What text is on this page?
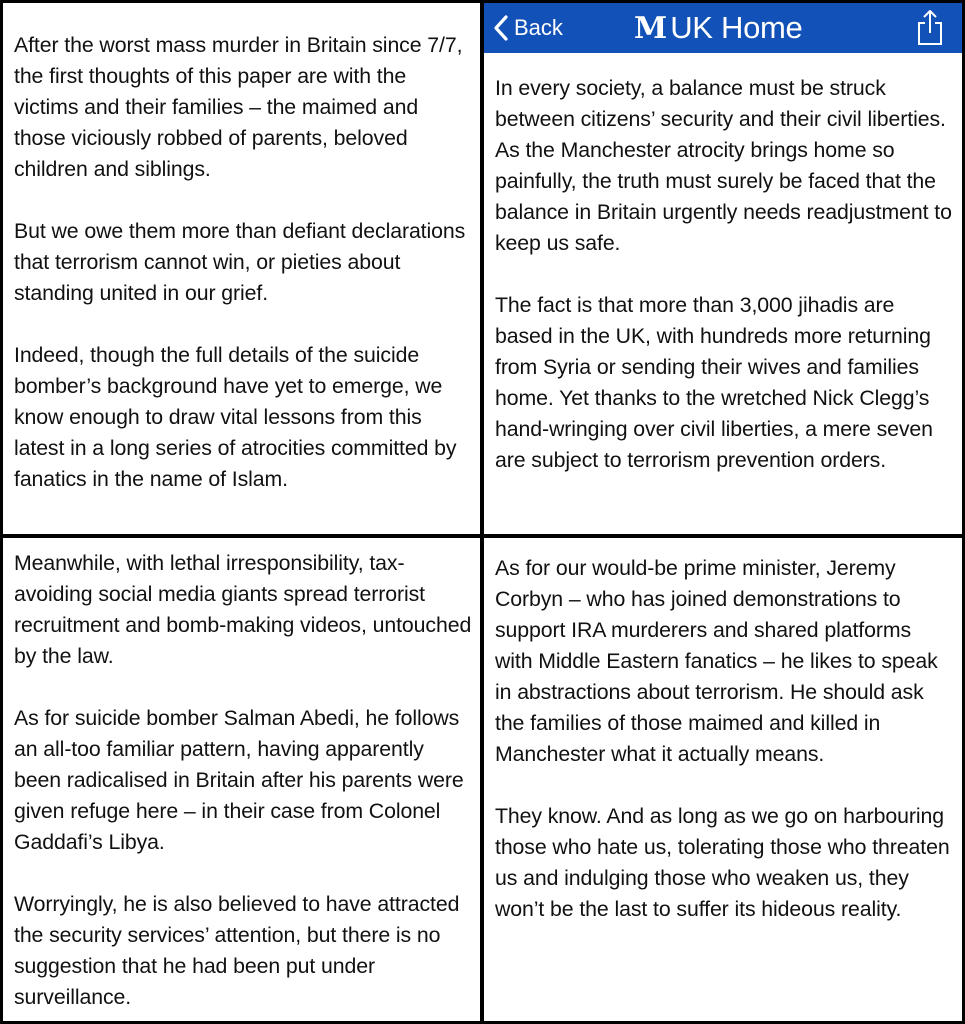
After the worst mass murder in Britain since 7/7, the first thoughts of this paper are with the victims and their families – the maimed and those viciously robbed of parents, beloved children and siblings.

But we owe them more than defiant declarations that terrorism cannot win, or pieties about standing united in our grief.

Indeed, though the full details of the suicide bomber’s background have yet to emerge, we know enough to draw vital lessons from this latest in a long series of atrocities committed by fanatics in the name of Islam.

Back M UK Home

In every society, a balance must be struck between citizens’ security and their civil liberties. As the Manchester atrocity brings home so painfully, the truth must surely be faced that the balance in Britain urgently needs readjustment to keep us safe.

The fact is that more than 3,000 jihadis are based in the UK, with hundreds more returning from Syria or sending their wives and families home. Yet thanks to the wretched Nick Clegg’s hand-wringing over civil liberties, a mere seven are subject to terrorism prevention orders.

Meanwhile, with lethal irresponsibility, tax-avoiding social media giants spread terrorist recruitment and bomb-making videos, untouched by the law.

As for suicide bomber Salman Abedi, he follows an all-too familiar pattern, having apparently been radicalised in Britain after his parents were given refuge here – in their case from Colonel Gaddafi’s Libya.

Worryingly, he is also believed to have attracted the security services’ attention, but there is no suggestion that he had been put under surveillance.

As for our would-be prime minister, Jeremy Corbyn – who has joined demonstrations to support IRA murderers and shared platforms with Middle Eastern fanatics – he likes to speak in abstractions about terrorism. He should ask the families of those maimed and killed in Manchester what it actually means.

They know. And as long as we go on harbouring those who hate us, tolerating those who threaten us and indulging those who weaken us, they won’t be the last to suffer its hideous reality.
